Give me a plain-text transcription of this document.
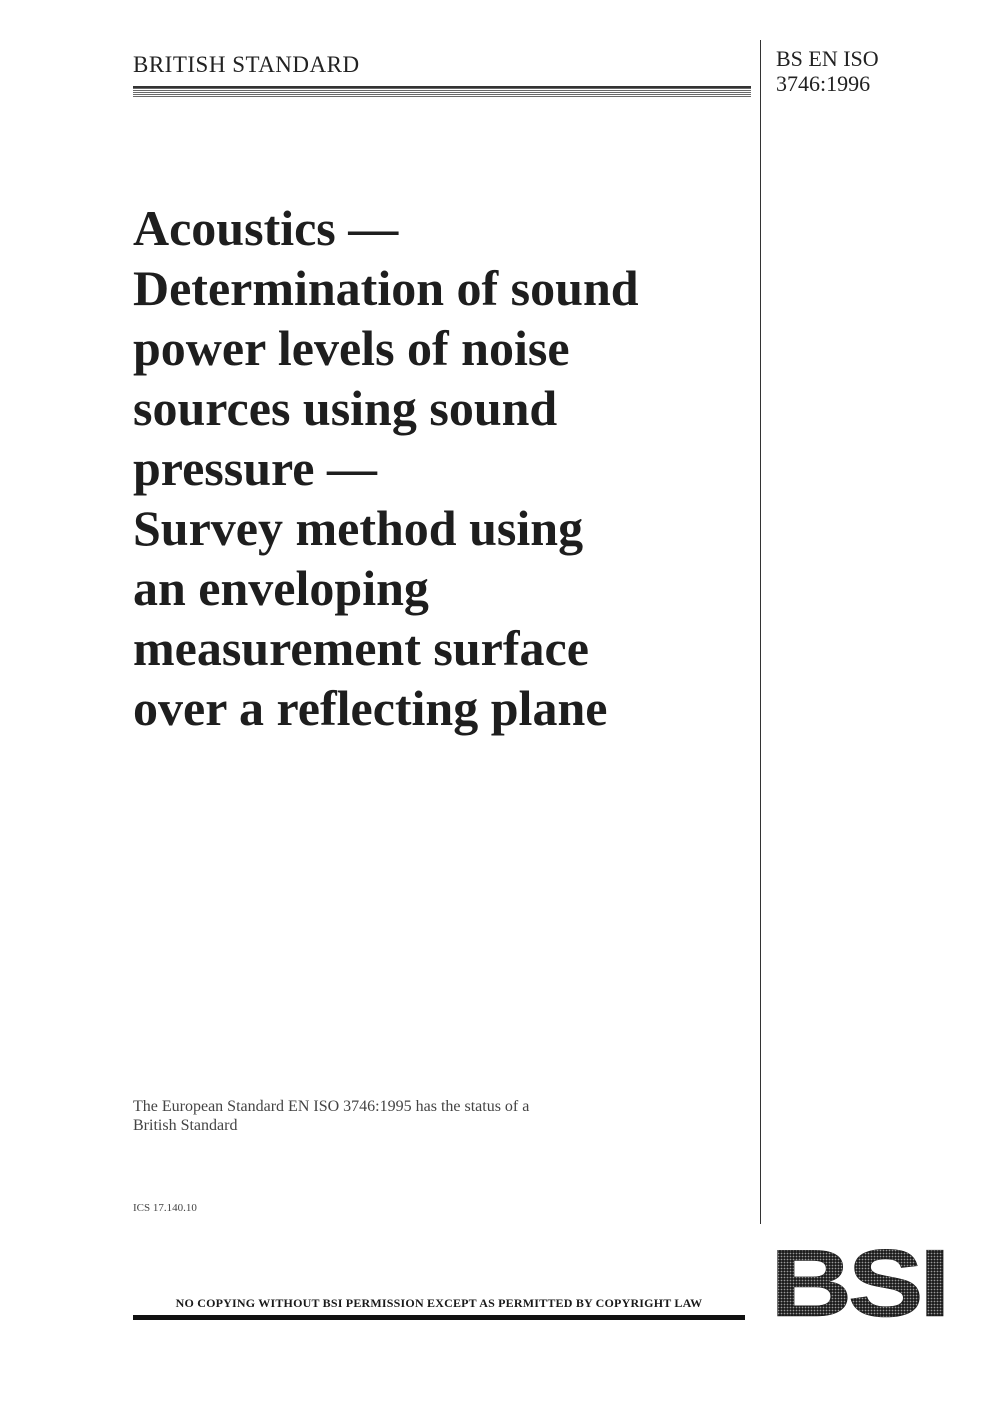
BRITISH STANDARD	BS EN ISO
3746:1996
Acoustics —
Determination of sound
power levels of noise
sources using sound
pressure —
Survey method using
an enveloping
measurement surface
over a reflecting plane
The European Standard EN ISO 3746:1995 has the status of a
British Standard
ICS 17.140.10
NO COPYING WITHOUT BSI PERMISSION EXCEPT AS PERMITTED BY COPYRIGHT LAW BSI
